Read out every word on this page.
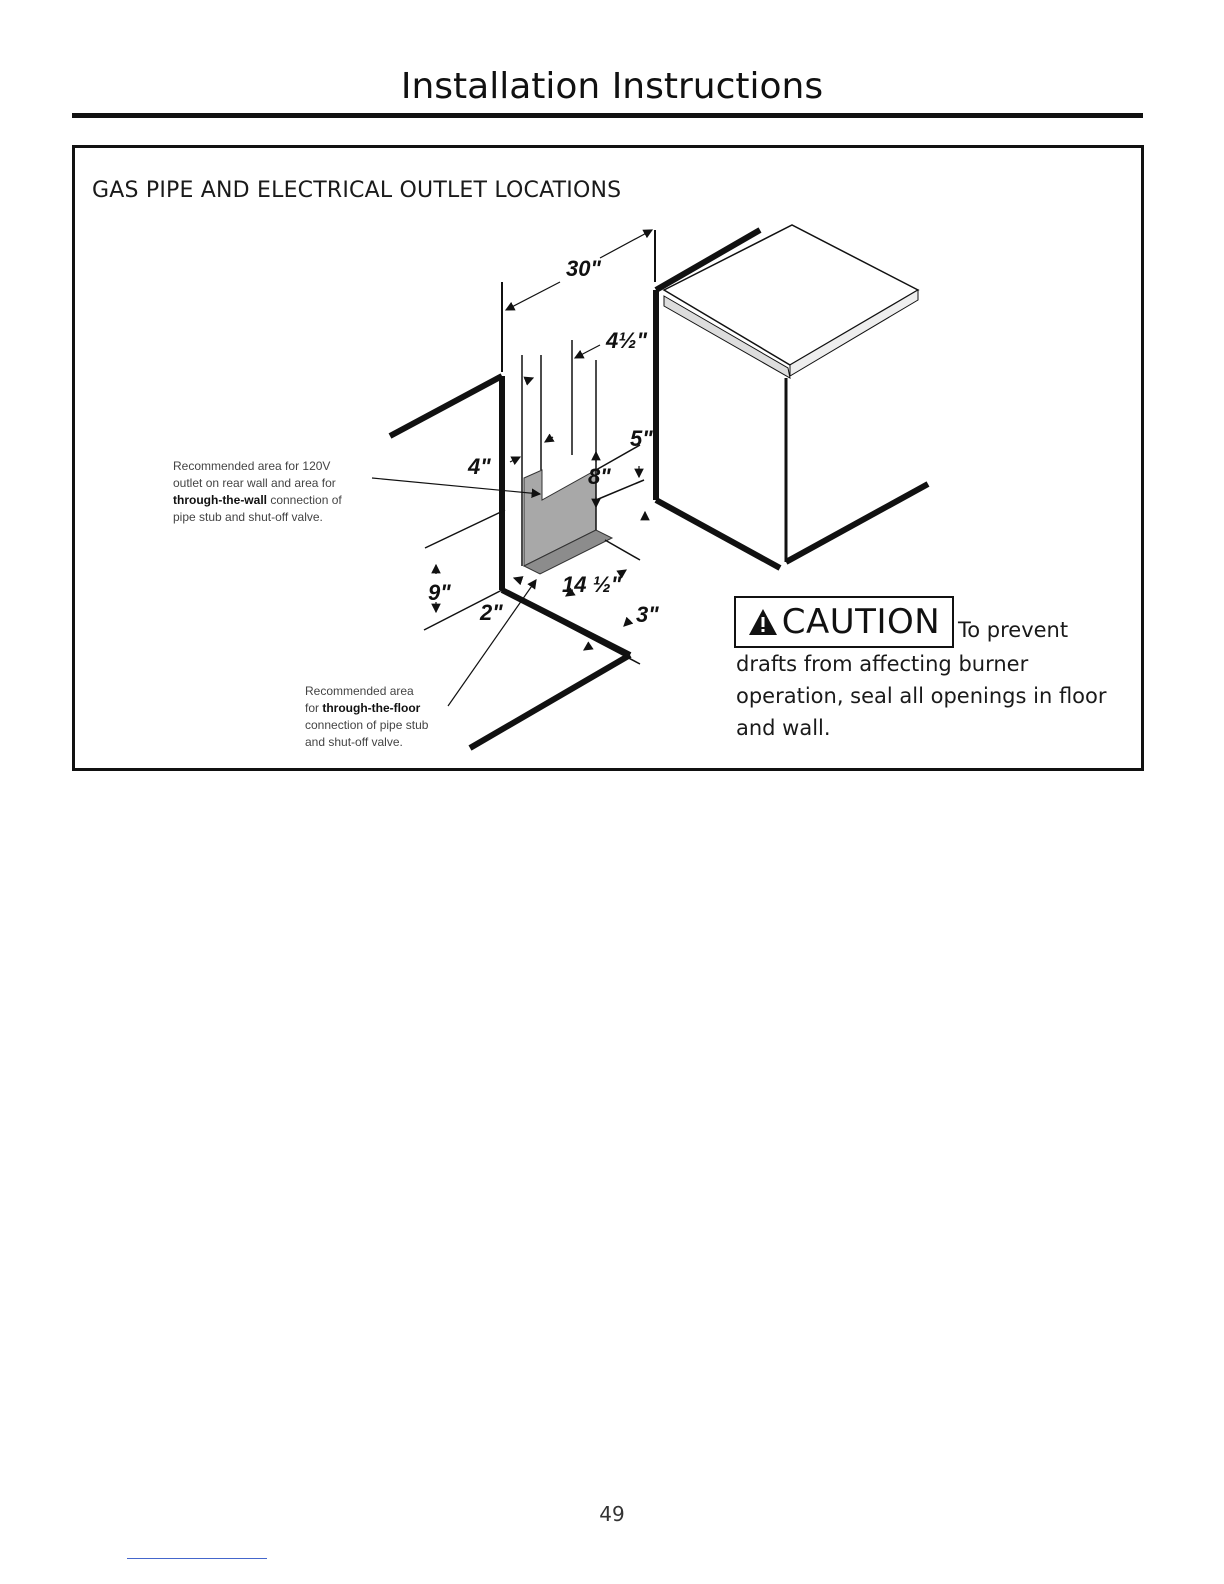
Installation Instructions
GAS PIPE AND ELECTRICAL OUTLET LOCATIONS
30"
4½"
4"
5"
8"
9"
2"
14 ½"
3"
Recommended area for 120V
outlet on rear wall and area for
through-the-wall connection of
pipe stub and shut-off valve.
Recommended area
for through-the-floor
connection of pipe stub
and shut-off valve.
CAUTION To prevent
drafts from affecting burner operation, seal all openings in floor and wall.
49
